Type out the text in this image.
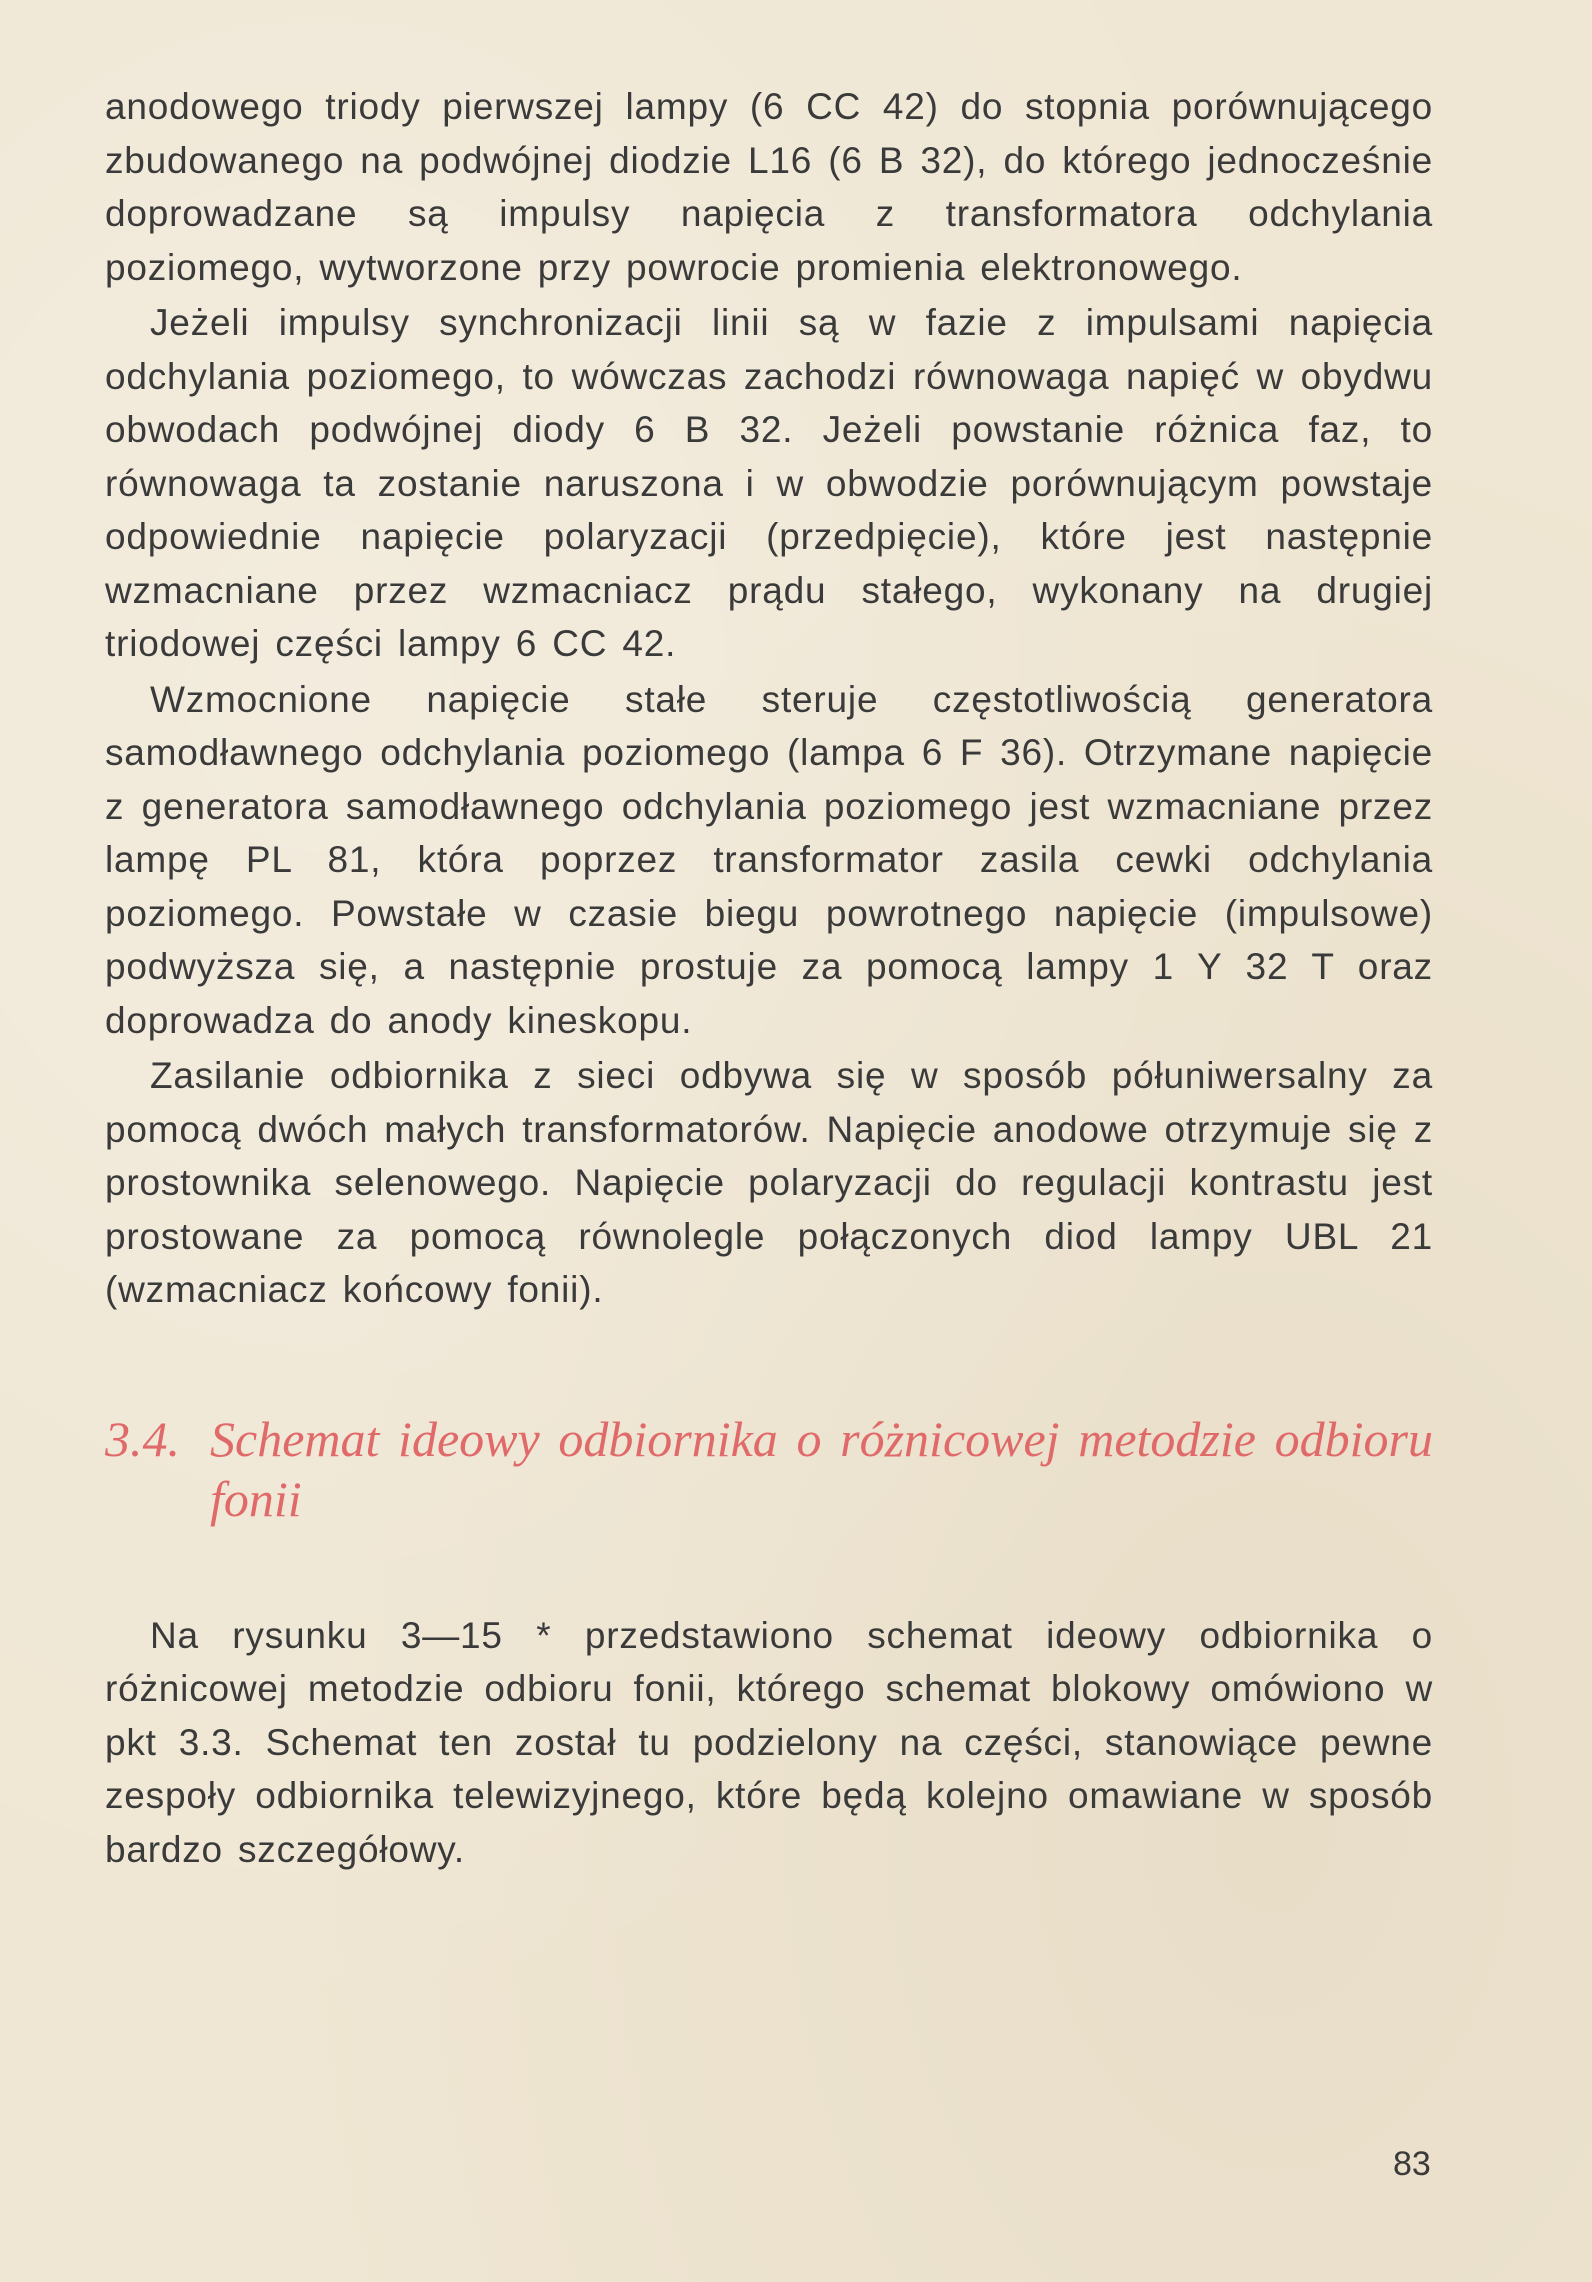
anodowego triody pierwszej lampy (6 CC 42) do stopnia porównującego zbudowanego na podwójnej diodzie L16 (6 B 32), do którego jednocześnie doprowadzane są impulsy napięcia z transformatora odchylania poziomego, wytworzone przy powrocie promienia elektronowego.

Jeżeli impulsy synchronizacji linii są w fazie z impulsami napięcia odchylania poziomego, to wówczas zachodzi równowaga napięć w obydwu obwodach podwójnej diody 6 B 32. Jeżeli powstanie różnica faz, to równowaga ta zostanie naruszona i w obwodzie porównującym powstaje odpowiednie napięcie polaryzacji (przedpięcie), które jest następnie wzmacniane przez wzmacniacz prądu stałego, wykonany na drugiej triodowej części lampy 6 CC 42.

Wzmocnione napięcie stałe steruje częstotliwością generatora samodławnego odchylania poziomego (lampa 6 F 36). Otrzymane napięcie z generatora samodławnego odchylania poziomego jest wzmacniane przez lampę PL 81, która poprzez transformator zasila cewki odchylania poziomego. Powstałe w czasie biegu powrotnego napięcie (impulsowe) podwyższa się, a następnie prostuje za pomocą lampy 1 Y 32 T oraz doprowadza do anody kineskopu.

Zasilanie odbiornika z sieci odbywa się w sposób półuniwersalny za pomocą dwóch małych transformatorów. Napięcie anodowe otrzymuje się z prostownika selenowego. Napięcie polaryzacji do regulacji kontrastu jest prostowane za pomocą równolegle połączonych diod lampy UBL 21 (wzmacniacz końcowy fonii).

3.4. Schemat ideowy odbiornika o różnicowej metodzie odbioru fonii

Na rysunku 3—15 * przedstawiono schemat ideowy odbiornika o różnicowej metodzie odbioru fonii, którego schemat blokowy omówiono w pkt 3.3. Schemat ten został tu podzielony na części, stanowiące pewne zespoły odbiornika telewizyjnego, które będą kolejno omawiane w sposób bardzo szczegółowy.

83
